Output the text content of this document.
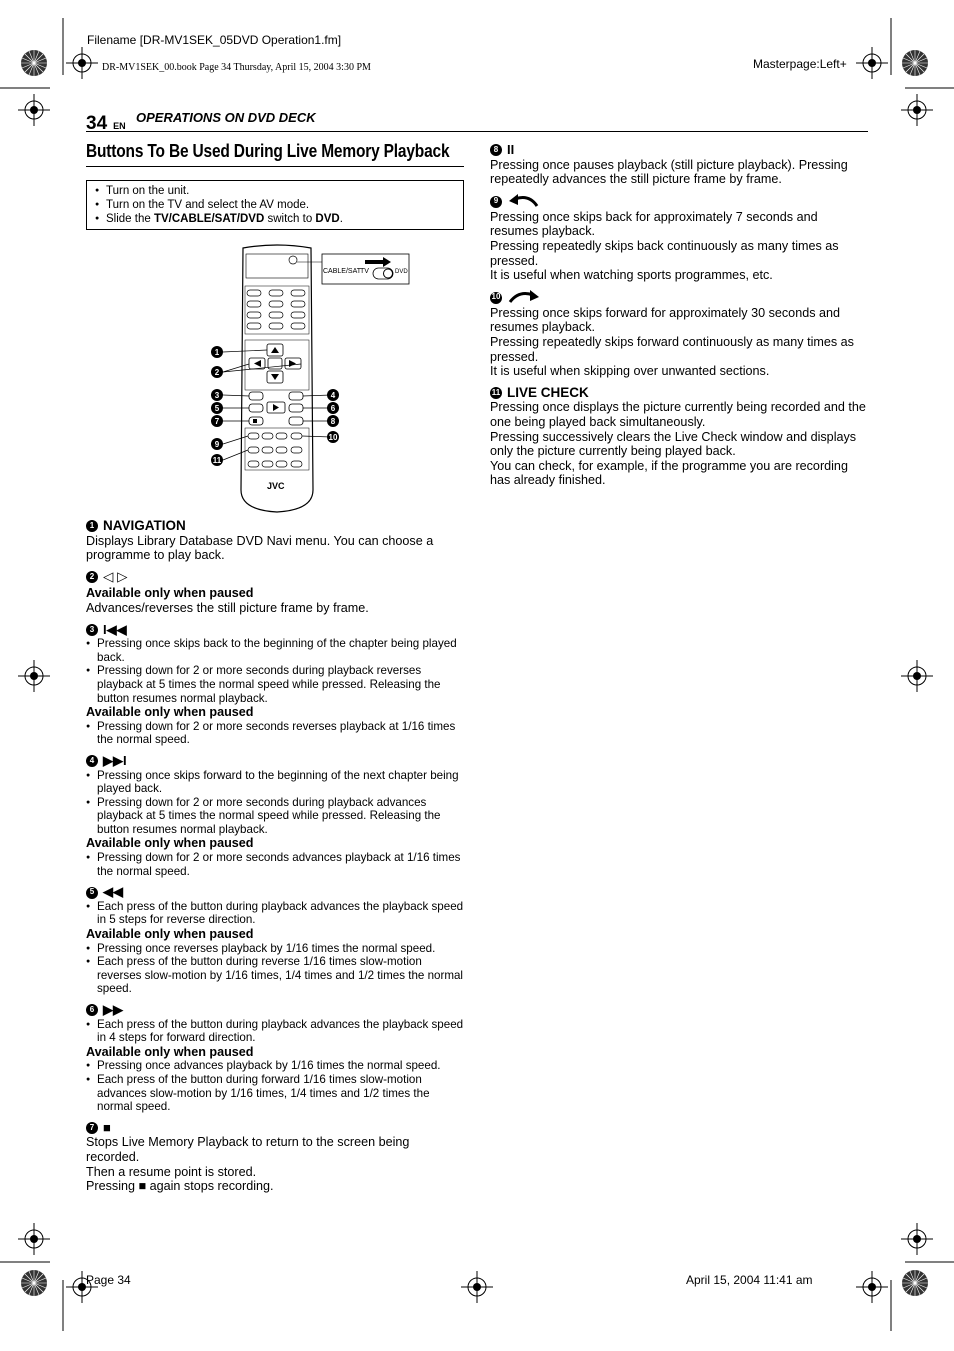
Filename [DR-MV1SEK_05DVD Operation1.fm]
DR-MV1SEK_00.book Page 34 Thursday, April 15, 2004 3:30 PM	Masterpage:Left+
34 EN
OPERATIONS ON DVD DECK
Buttons To Be Used During Live Memory Playback
● Turn on the unit.
● Turn on the TV and select the AV mode.
● Slide the TV/CABLE/SAT/DVD switch to DVD.
CABLE/SAT TV	DVD
JVC
1
2
3
5
7
9
11
4
6
8
10
1 NAVIGATION

Displays Library Database DVD Navi menu. You can choose a programme to play back.

2 ◁ ▷
Available only when paused

Advances/reverses the still picture frame by frame.

3 I◀◀
● Pressing once skips back to the beginning of the chapter being played back.
● Pressing down for 2 or more seconds during playback reverses playback at 5 times the normal speed while pressed. Releasing the button resumes normal playback.
Available only when paused
● Pressing down for 2 or more seconds reverses playback at 1/16 times the normal speed.
4 ▶▶I
● Pressing once skips forward to the beginning of the next chapter being played back.
● Pressing down for 2 or more seconds during playback advances playback at 5 times the normal speed while pressed. Releasing the button resumes normal playback.
Available only when paused
● Pressing down for 2 or more seconds advances playback at 1/16 times the normal speed.
5 ◀◀
● Each press of the button during playback advances the playback speed in 5 steps for reverse direction.
Available only when paused
● Pressing once reverses playback by 1/16 times the normal speed.
● Each press of the button during reverse 1/16 times slow-motion reverses slow-motion by 1/16 times, 1/4 times and 1/2 times the normal speed.
6 ▶▶
● Each press of the button during playback advances the playback speed in 4 steps for forward direction.
Available only when paused
● Pressing once advances playback by 1/16 times the normal speed.
● Each press of the button during forward 1/16 times slow-motion advances slow-motion by 1/16 times, 1/4 times and 1/2 times the normal speed.
7 ■

Stops Live Memory Playback to return to the screen being recorded.

Then a resume point is stored.

Pressing ■ again stops recording.

8 II

Pressing once pauses playback (still picture playback). Pressing repeatedly advances the still picture frame by frame.

9

Pressing once skips back for approximately 7 seconds and resumes playback.

Pressing repeatedly skips back continuously as many times as pressed.

It is useful when watching sports programmes, etc.

10

Pressing once skips forward for approximately 30 seconds and resumes playback.

Pressing repeatedly skips forward continuously as many times as pressed.

It is useful when skipping over unwanted sections.

11 LIVE CHECK

Pressing once displays the picture currently being recorded and the one being played back simultaneously.

Pressing successively clears the Live Check window and displays only the picture currently being played back.

You can check, for example, if the programme you are recording has already finished.

Page 34	April 15, 2004 11:41 am
